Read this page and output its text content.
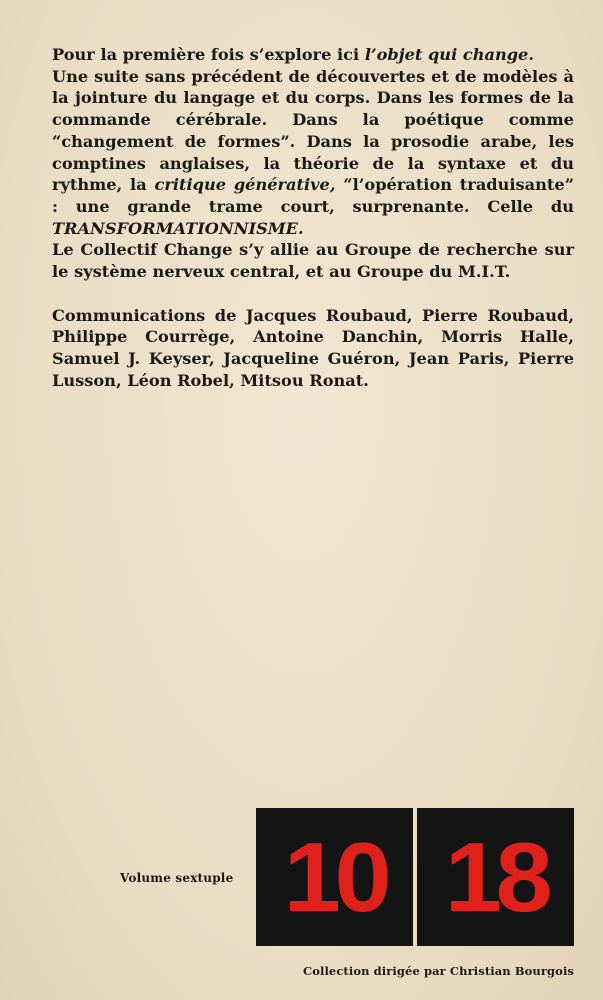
Pour la première fois s’explore ici l’objet qui change.

Une suite sans précédent de découvertes et de modèles à la jointure du langage et du corps. Dans les formes de la commande cérébrale. Dans la poétique comme “changement de formes”. Dans la prosodie arabe, les comptines anglaises, la théorie de la syntaxe et du rythme, la critique générative, “l’opération traduisante” : une grande trame court, surprenante. Celle du TRANSFORMATIONNISME.

Le Collectif Change s’y allie au Groupe de recherche sur le système nerveux central, et au Groupe du M.I.T.

Communications de Jacques Roubaud, Pierre Roubaud, Philippe Courrège, Antoine Danchin, Morris Halle, Samuel J. Keyser, Jacqueline Guéron, Jean Paris, Pierre Lusson, Léon Robel, Mitsou Ronat.

Volume sextuple 10 18
Collection dirigée par Christian Bourgois
